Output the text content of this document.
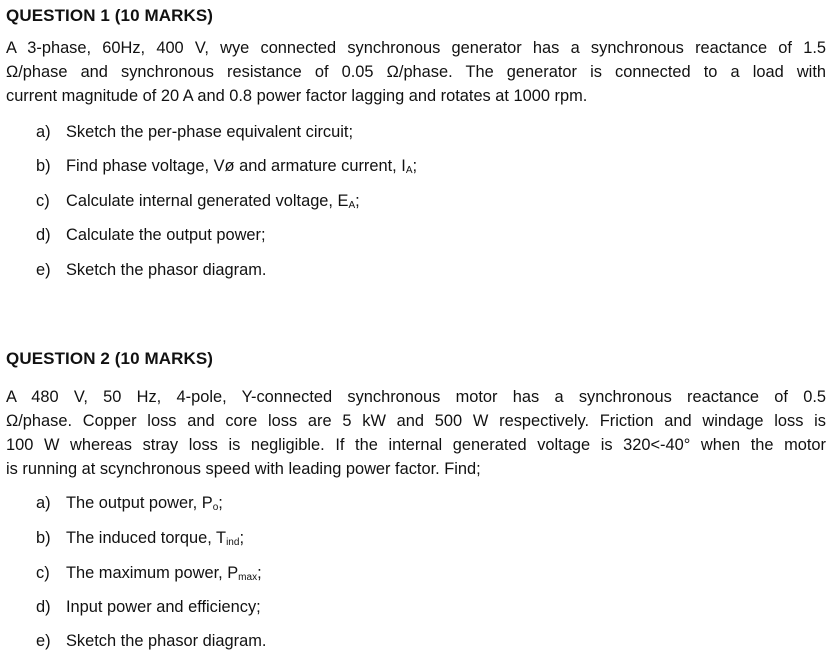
QUESTION 1 (10 MARKS)
A 3-phase, 60Hz, 400 V, wye connected synchronous generator has a synchronous reactance of 1.5
Ω/phase and synchronous resistance of 0.05 Ω/phase. The generator is connected to a load with
current magnitude of 20 A and 0.8 power factor lagging and rotates at 1000 rpm.
a) Sketch the per-phase equivalent circuit;
b) Find phase voltage, Vø and armature current, $I_A$;
c) Calculate internal generated voltage, $E_A$;
d) Calculate the output power;
e) Sketch the phasor diagram.
QUESTION 2 (10 MARKS)
A 480 V, 50 Hz, 4-pole, Y-connected synchronous motor has a synchronous reactance of 0.5
Ω/phase. Copper loss and core loss are 5 kW and 500 W respectively. Friction and windage loss is
100 W whereas stray loss is negligible. If the internal generated voltage is 320<-40° when the motor
is running at scynchronous speed with leading power factor. Find;
a) The output power, $P_o$;
b) The induced torque, $T_{ind}$;
c) The maximum power, $P_{max}$;
d) Input power and efficiency;
e) Sketch the phasor diagram.
